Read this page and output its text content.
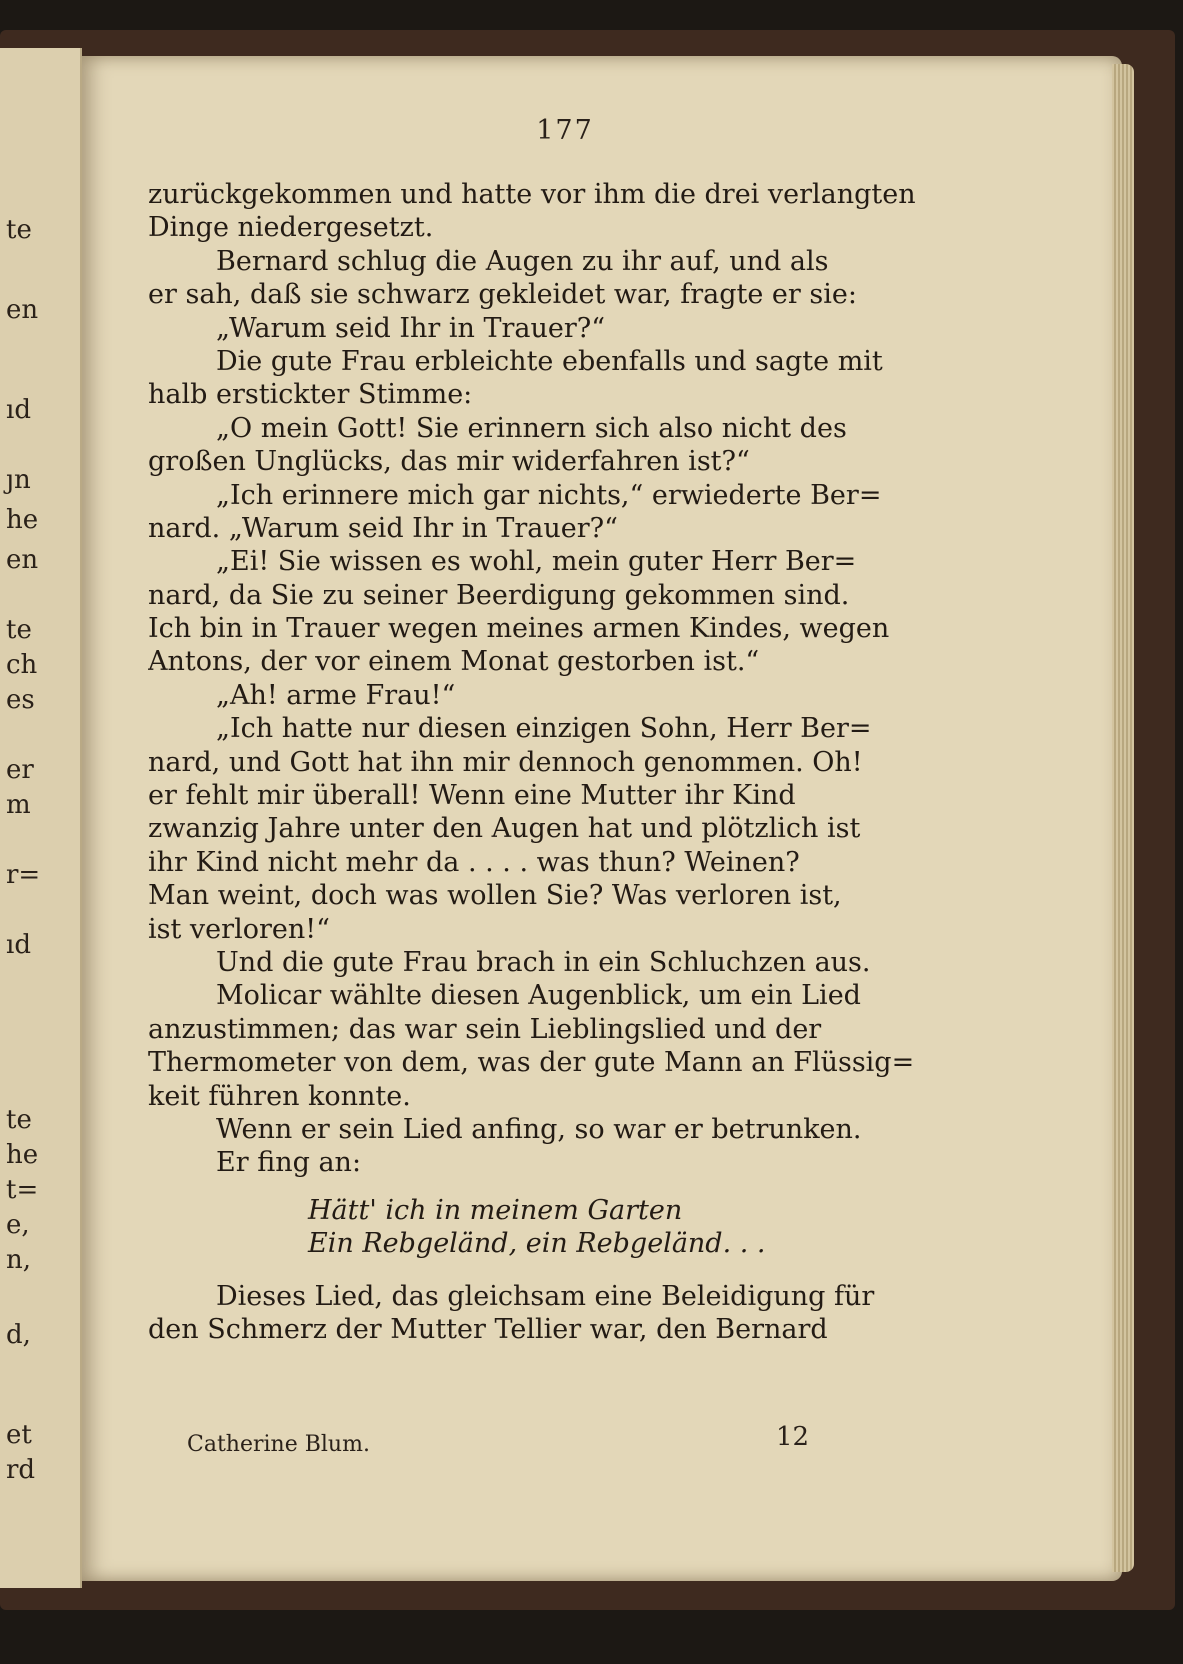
te
en
ıd
ȷn
he
en
te
ch
es
er
m
r=
ıd
te
he
t=
e,
n,
d,
et
rd
177
zurückgekommen und hatte vor ihm die drei verlangten
Dinge niedergesetzt.
Bernard schlug die Augen zu ihr auf, und als
er sah, daß sie schwarz gekleidet war, fragte er sie:
„Warum seid Ihr in Trauer?“
Die gute Frau erbleichte ebenfalls und sagte mit
halb erstickter Stimme:
„O mein Gott! Sie erinnern sich also nicht des
großen Unglücks, das mir widerfahren ist?“
„Ich erinnere mich gar nichts,“ erwiederte Ber=
nard. „Warum seid Ihr in Trauer?“
„Ei! Sie wissen es wohl, mein guter Herr Ber=
nard, da Sie zu seiner Beerdigung gekommen sind.
Ich bin in Trauer wegen meines armen Kindes, wegen
Antons, der vor einem Monat gestorben ist.“
„Ah! arme Frau!“
„Ich hatte nur diesen einzigen Sohn, Herr Ber=
nard, und Gott hat ihn mir dennoch genommen. Oh!
er fehlt mir überall! Wenn eine Mutter ihr Kind
zwanzig Jahre unter den Augen hat und plötzlich ist
ihr Kind nicht mehr da . . . . was thun? Weinen?
Man weint, doch was wollen Sie? Was verloren ist,
ist verloren!“
Und die gute Frau brach in ein Schluchzen aus.
Molicar wählte diesen Augenblick, um ein Lied
anzustimmen; das war sein Lieblingslied und der
Thermometer von dem, was der gute Mann an Flüssig=
keit führen konnte.
Wenn er sein Lied anfing, so war er betrunken.
Er fing an:
Hätt' ich in meinem Garten
Ein Rebgeländ, ein Rebgeländ. . .
Dieses Lied, das gleichsam eine Beleidigung für
den Schmerz der Mutter Tellier war, den Bernard
Catherine Blum.	12
